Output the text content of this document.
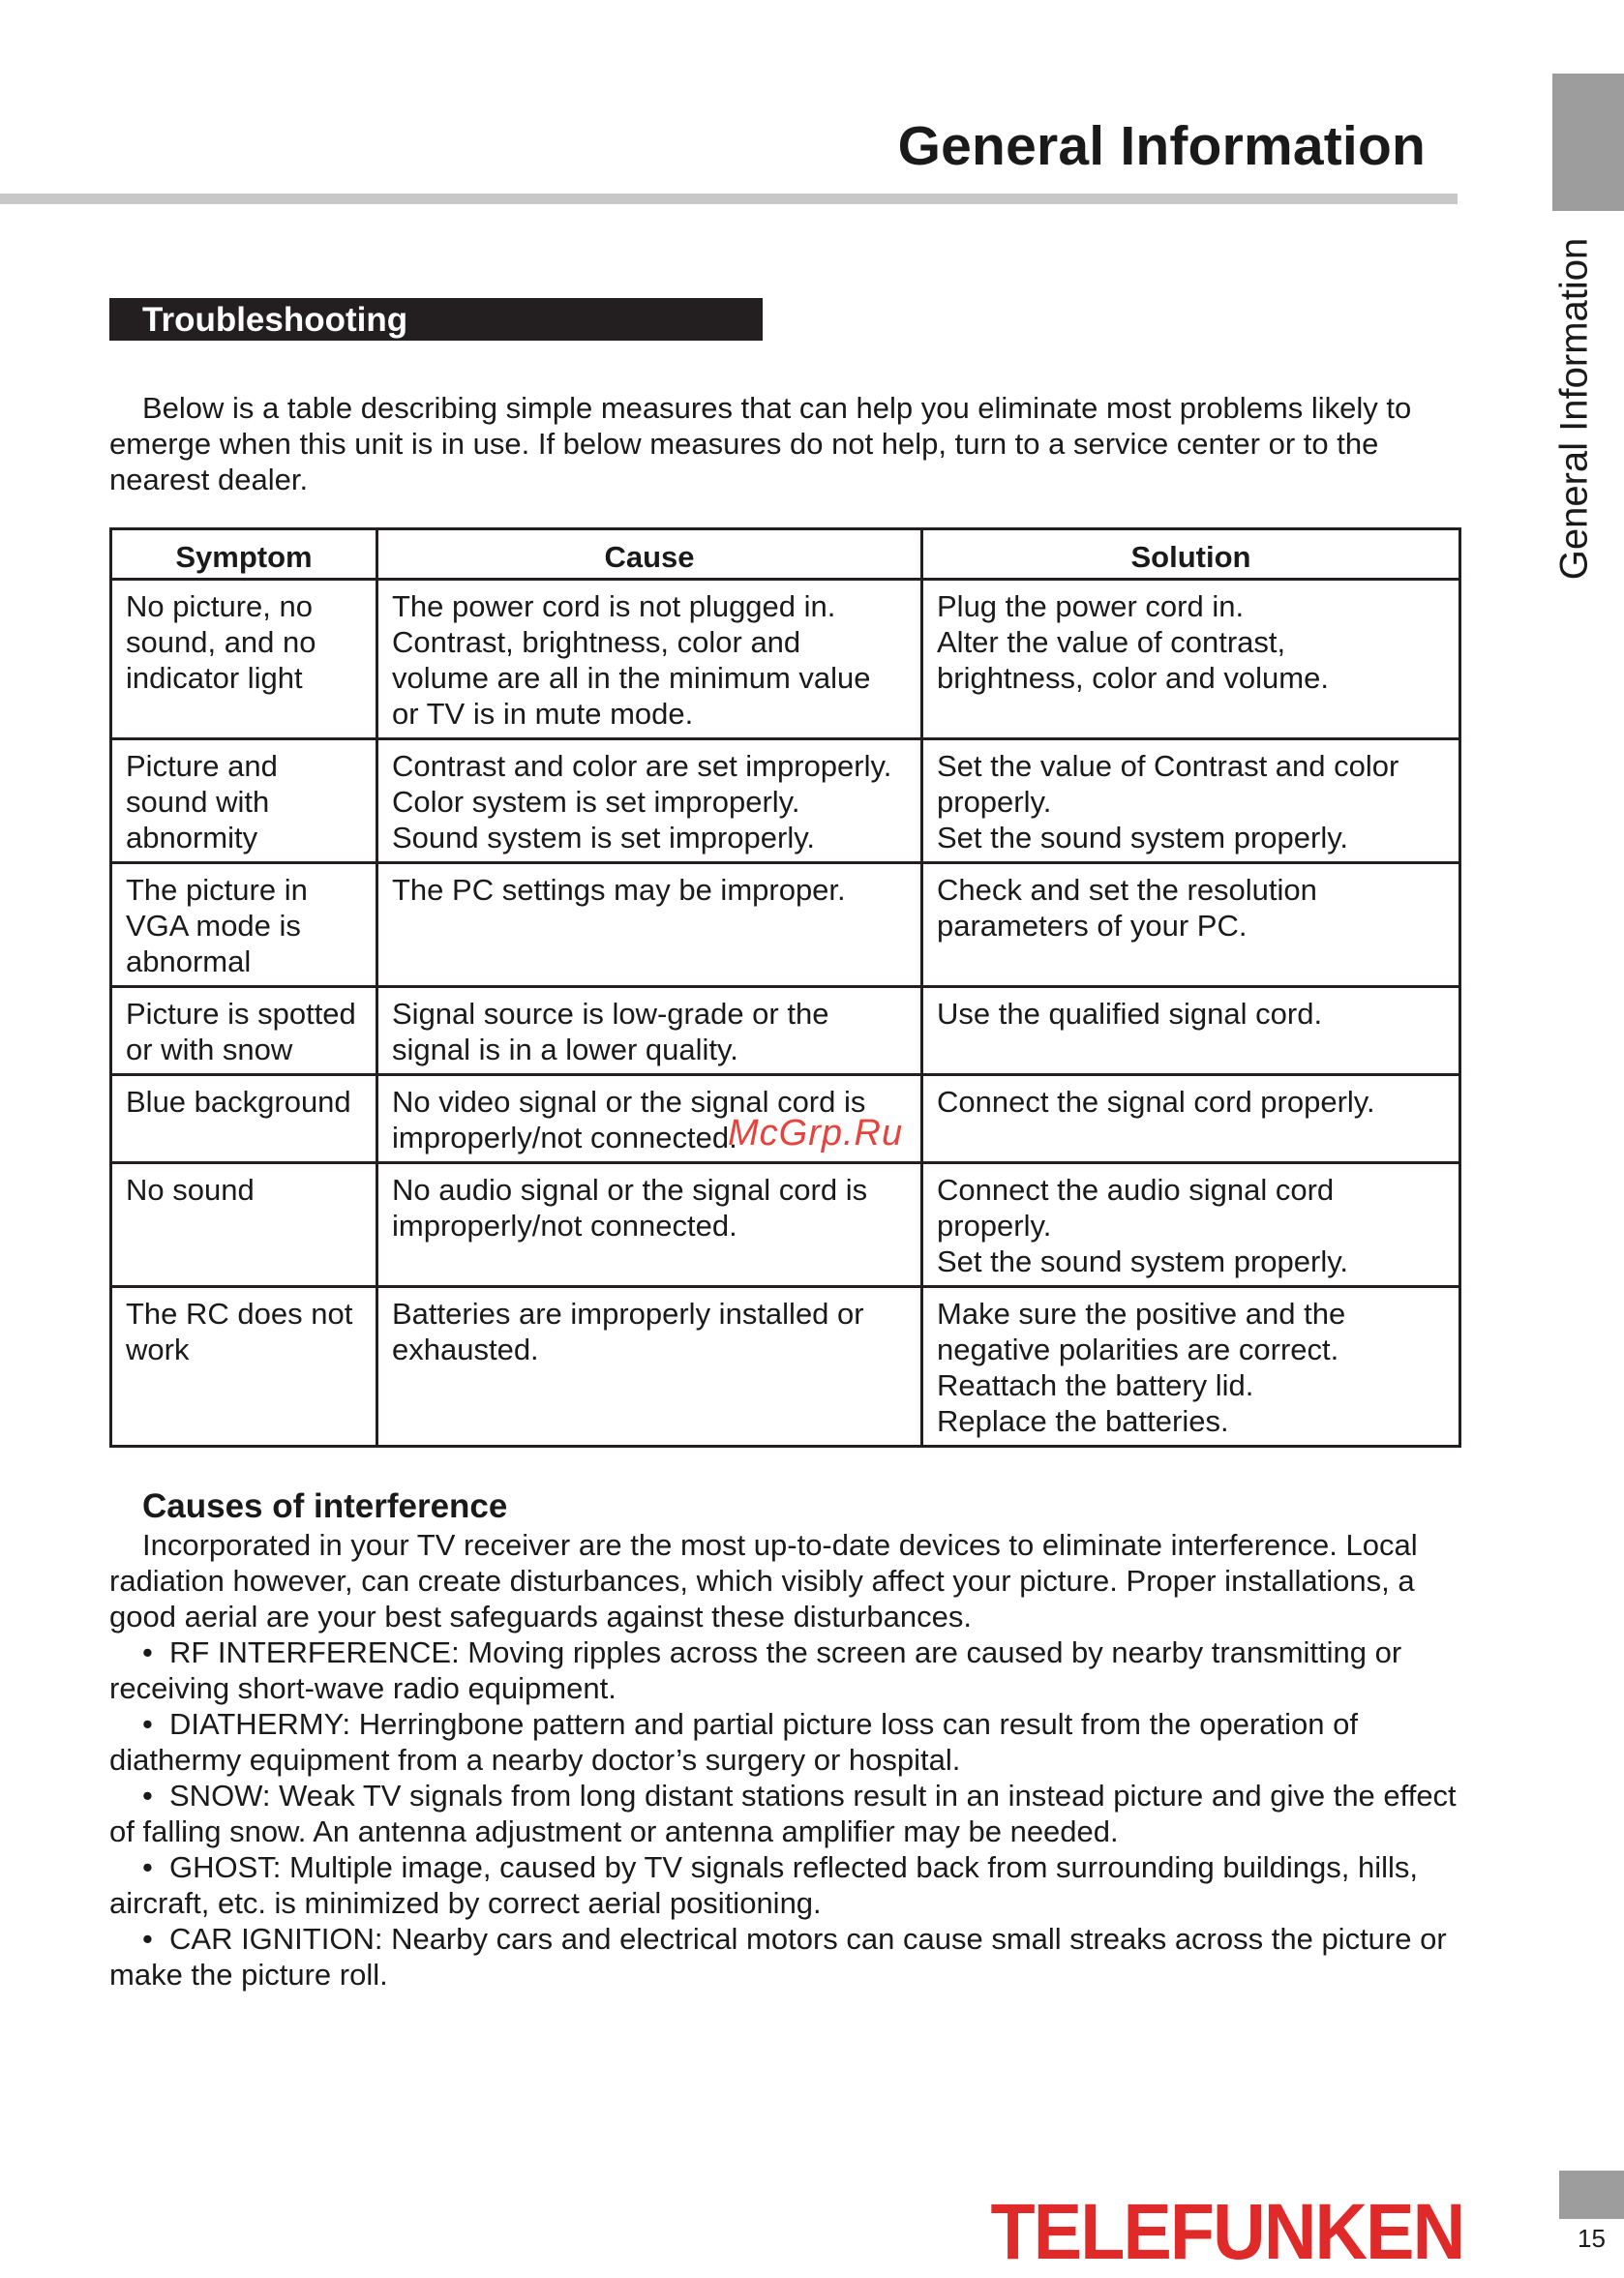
General Information
General Information
Troubleshooting

Below is a table describing simple measures that can help you eliminate most problems likely to emerge when this unit is in use. If below measures do not help, turn to a service center or to the nearest dealer.

Symptom	Cause	Solution

No picture, no
sound, and no
indicator light	The power cord is not plugged in.
Contrast, brightness, color and
volume are all in the minimum value
or TV is in mute mode.	Plug the power cord in.
Alter the value of contrast,
brightness, color and volume.

Picture and
sound with
abnormity	Contrast and color are set improperly.
Color system is set improperly.
Sound system is set improperly.	Set the value of Contrast and color
properly.
Set the sound system properly.

The picture in
VGA mode is
abnormal	The PC settings may be improper.	Check and set the resolution
parameters of your PC.

Picture is spotted
or with snow	Signal source is low-grade or the
signal is in a lower quality.	Use the qualified signal cord.

Blue background	No video signal or the signal cord is
improperly/not connected.	Connect the signal cord properly.

No sound	No audio signal or the signal cord is
improperly/not connected.	Connect the audio signal cord
properly.
Set the sound system properly.

The RC does not
work	Batteries are improperly installed or
exhausted.	Make sure the positive and the
negative polarities are correct.
Reattach the battery lid.
Replace the batteries.
McGrp.Ru
Causes of interference

Incorporated in your TV receiver are the most up-to-date devices to eliminate interference. Local radiation however, can create disturbances, which visibly affect your picture. Proper installations, a good aerial are your best safeguards against these disturbances.

• RF INTERFERENCE: Moving ripples across the screen are caused by nearby transmitting or receiving short-wave radio equipment.

• DIATHERMY: Herringbone pattern and partial picture loss can result from the operation of diathermy equipment from a nearby doctor’s surgery or hospital.

• SNOW: Weak TV signals from long distant stations result in an instead picture and give the effect of falling snow. An antenna adjustment or antenna amplifier may be needed.

• GHOST: Multiple image, caused by TV signals reflected back from surrounding buildings, hills, aircraft, etc. is minimized by correct aerial positioning.

• CAR IGNITION: Nearby cars and electrical motors can cause small streaks across the picture or make the picture roll.

TELEFUNKEN	15
